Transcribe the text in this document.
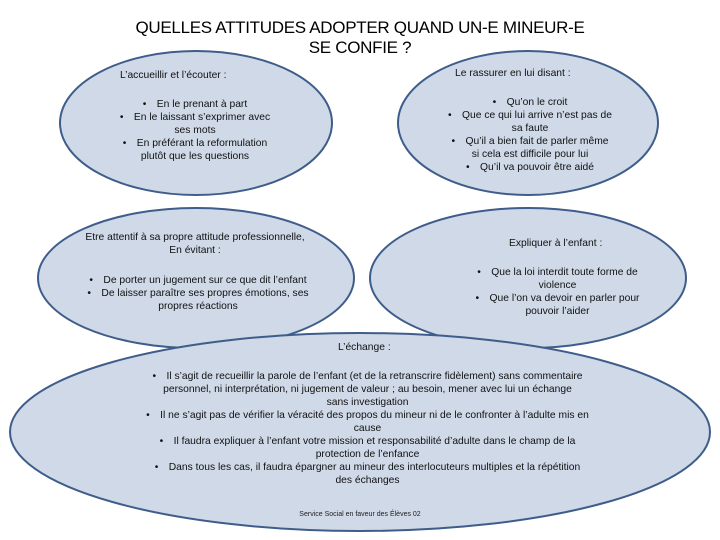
QUELLES ATTITUDES ADOPTER QUAND UN-E MINEUR-E
SE CONFIE ?
L’accueillir et l’écouter :
• En le prenant à part
• En le laissant s’exprimer avec
ses mots
• En préférant la reformulation
plutôt que les questions
Le rassurer en lui disant :
• Qu’on le croit
• Que ce qui lui arrive n’est pas de
sa faute
• Qu’il a bien fait de parler même
si cela est difficile pour lui
• Qu’il va pouvoir être aidé
Etre attentif à sa propre attitude professionnelle,
En évitant :
• De porter un jugement sur ce que dit l’enfant
• De laisser paraître ses propres émotions, ses
propres réactions
Expliquer à l’enfant :
• Que la loi interdit toute forme de
violence
• Que l’on va devoir en parler pour
pouvoir l’aider
L’échange :
• Il s’agit de recueillir la parole de l’enfant (et de la retranscrire fidèlement) sans commentaire
personnel, ni interprétation, ni jugement de valeur ; au besoin, mener avec lui un échange
sans investigation
• Il ne s’agit pas de vérifier la véracité des propos du mineur ni de le confronter à l’adulte mis en
cause
• Il faudra expliquer à l’enfant votre mission et responsabilité d’adulte dans le champ de la
protection de l’enfance
• Dans tous les cas, il faudra épargner au mineur des interlocuteurs multiples et la répétition
des échanges
Service Social en faveur des Élèves 02
